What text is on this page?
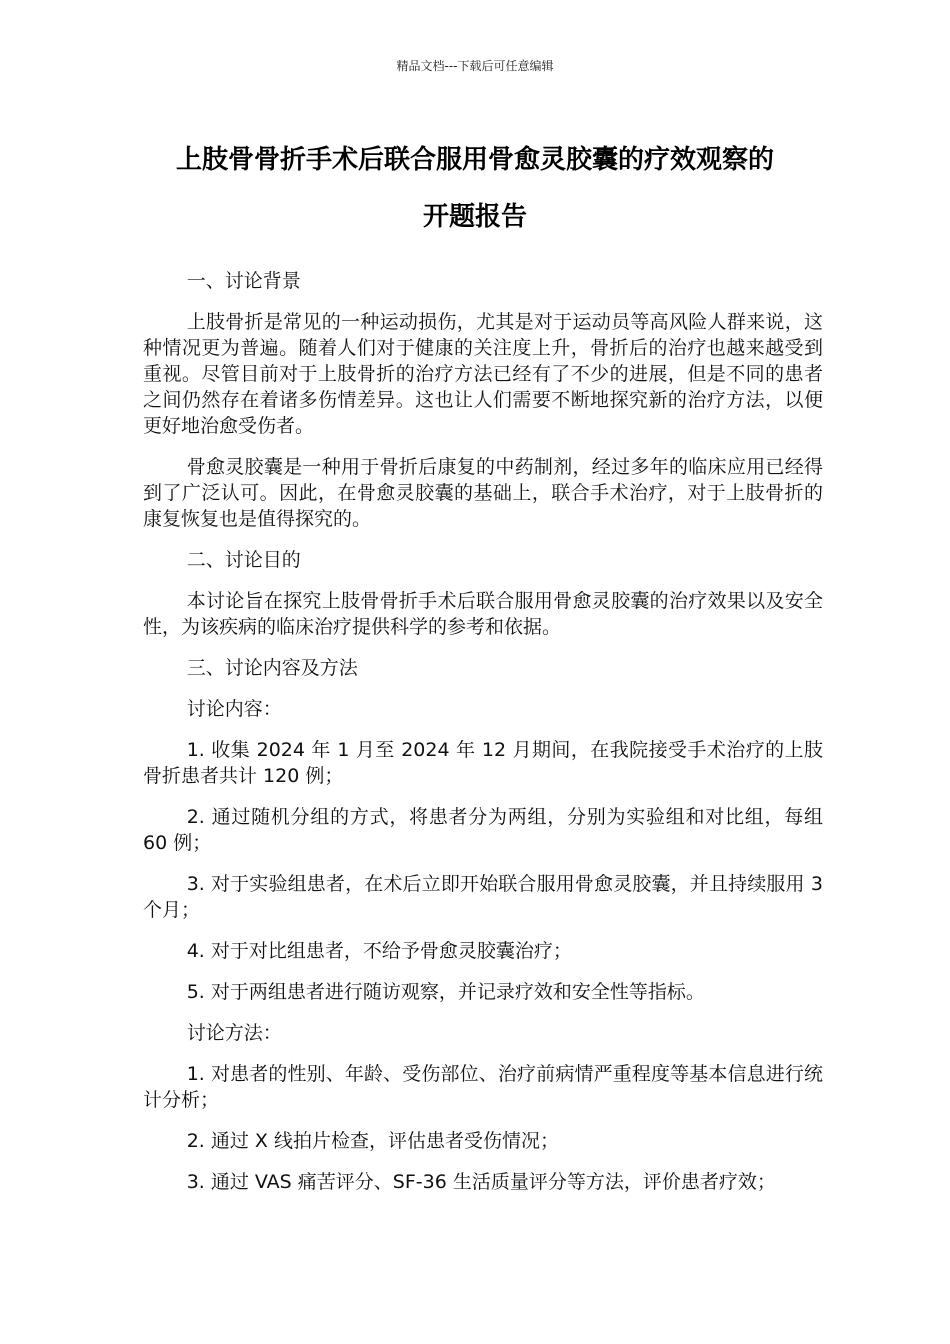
精品文档---下载后可任意编辑
上肢骨骨折手术后联合服用骨愈灵胶囊的疗效观察的
开题报告

一、讨论背景

上肢骨折是常见的一种运动损伤，尤其是对于运动员等高风险人群来说，这种情况更为普遍。随着人们对于健康的关注度上升，骨折后的治疗也越来越受到重视。尽管目前对于上肢骨折的治疗方法已经有了不少的进展，但是不同的患者之间仍然存在着诸多伤情差异。这也让人们需要不断地探究新的治疗方法，以便更好地治愈受伤者。

骨愈灵胶囊是一种用于骨折后康复的中药制剂，经过多年的临床应用已经得到了广泛认可。因此，在骨愈灵胶囊的基础上，联合手术治疗，对于上肢骨折的康复恢复也是值得探究的。

二、讨论目的

本讨论旨在探究上肢骨骨折手术后联合服用骨愈灵胶囊的治疗效果以及安全性，为该疾病的临床治疗提供科学的参考和依据。

三、讨论内容及方法

讨论内容：

1. 收集 2024 年 1 月至 2024 年 12 月期间，在我院接受手术治疗的上肢骨折患者共计 120 例；

2. 通过随机分组的方式，将患者分为两组，分别为实验组和对比组，每组 60 例；

3. 对于实验组患者，在术后立即开始联合服用骨愈灵胶囊，并且持续服用 3 个月；

4. 对于对比组患者，不给予骨愈灵胶囊治疗；

5. 对于两组患者进行随访观察，并记录疗效和安全性等指标。

讨论方法：

1. 对患者的性别、年龄、受伤部位、治疗前病情严重程度等基本信息进行统计分析；

2. 通过 X 线拍片检查，评估患者受伤情况；

3. 通过 VAS 痛苦评分、SF-36 生活质量评分等方法，评价患者疗效；
